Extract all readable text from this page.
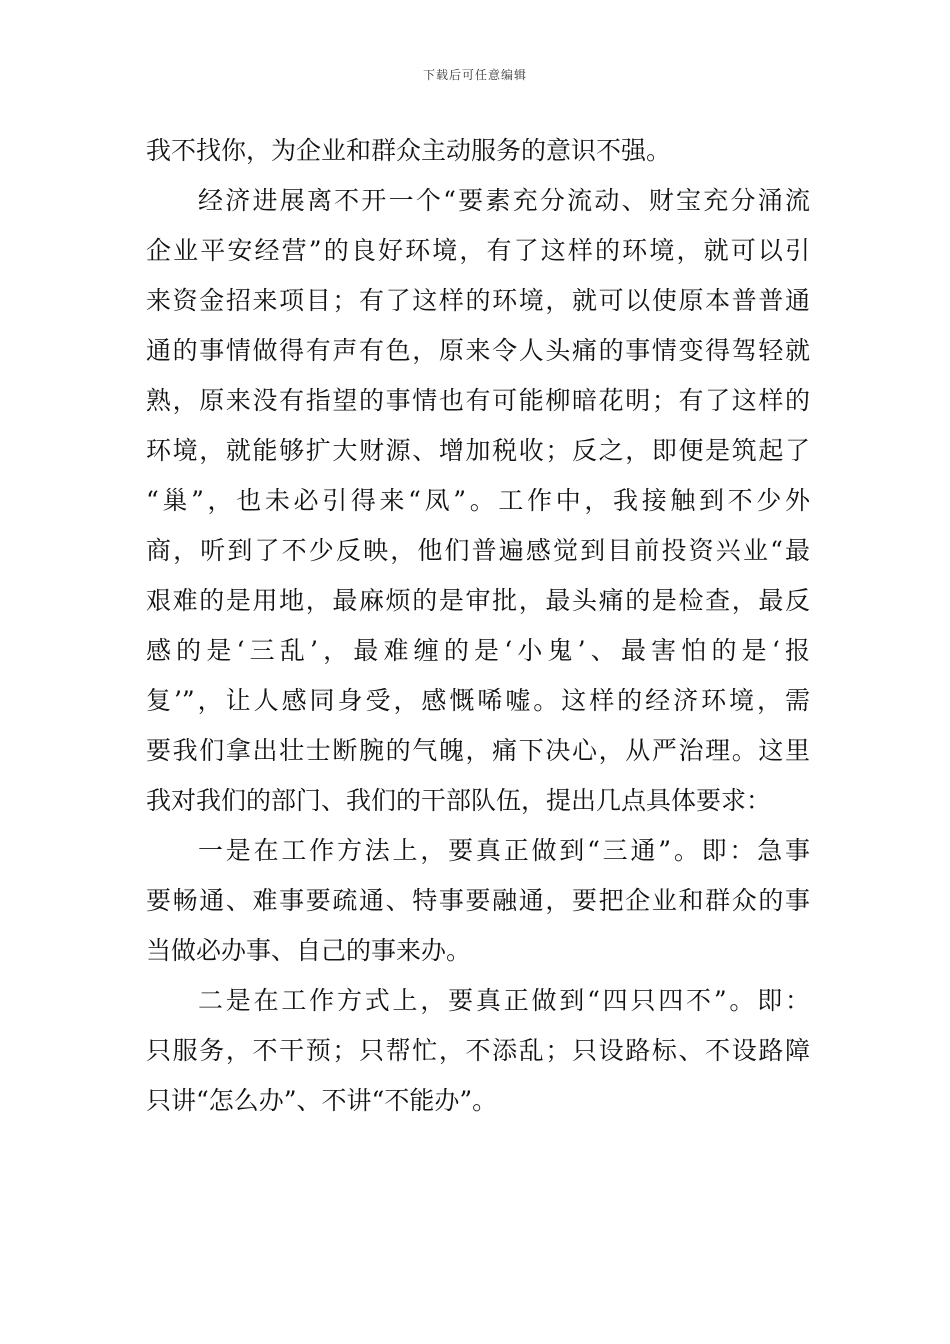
下载后可任意编辑
我不找你，为企业和群众主动服务的意识不强。
经济进展离不开一个“要素充分流动、财宝充分涌流
企业平安经营”的良好环境，有了这样的环境，就可以引
来资金招来项目；有了这样的环境，就可以使原本普普通
通的事情做得有声有色，原来令人头痛的事情变得驾轻就
熟，原来没有指望的事情也有可能柳暗花明；有了这样的
环境，就能够扩大财源、增加税收；反之，即便是筑起了
“巢”，也未必引得来“凤”。工作中，我接触到不少外
商，听到了不少反映，他们普遍感觉到目前投资兴业“最
艰难的是用地，最麻烦的是审批，最头痛的是检查，最反
感的是‘三乱’，最难缠的是‘小鬼’、最害怕的是‘报
复’”，让人感同身受，感慨唏嘘。这样的经济环境，需
要我们拿出壮士断腕的气魄，痛下决心，从严治理。这里
我对我们的部门、我们的干部队伍，提出几点具体要求：
一是在工作方法上，要真正做到“三通”。即：急事
要畅通、难事要疏通、特事要融通，要把企业和群众的事
当做必办事、自己的事来办。
二是在工作方式上，要真正做到“四只四不”。即：
只服务，不干预；只帮忙，不添乱；只设路标、不设路障
只讲“怎么办”、不讲“不能办”。
